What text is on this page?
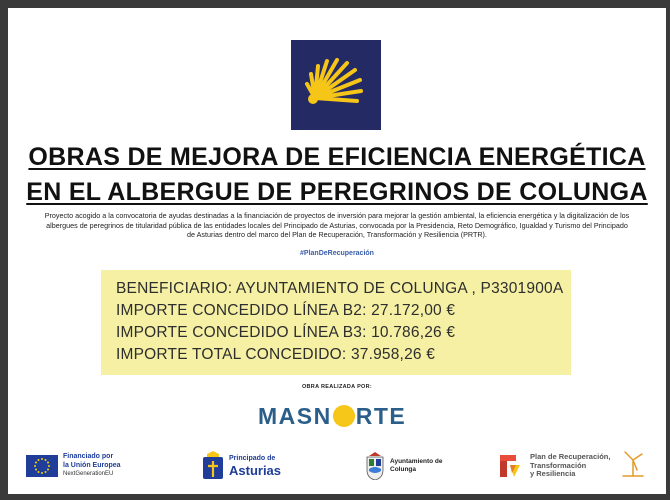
OBRAS DE MEJORA DE EFICIENCIA ENERGÉTICA
EN EL ALBERGUE DE PEREGRINOS DE COLUNGA
Proyecto acogido a la convocatoria de ayudas destinadas a la financiación de proyectos de inversión para mejorar la gestión ambiental, la eficiencia energética y la digitalización de los
albergues de peregrinos de titularidad pública de las entidades locales del Principado de Asturias, convocada por la Presidencia, Reto Demográfico, Igualdad y Turismo del Principado
de Asturias dentro del marco del Plan de Recuperación, Transformación y Resiliencia (PRTR).
#PlanDeRecuperación
BENEFICIARIO: AYUNTAMIENTO DE COLUNGA , P3301900A
IMPORTE CONCEDIDO LÍNEA B2: 27.172,00 €
IMPORTE CONCEDIDO LÍNEA B3: 10.786,26 €
IMPORTE TOTAL CONCEDIDO: 37.958,26 €
OBRA REALIZADA POR:
MASN RTE
Financiado por
la Unión Europea
NextGenerationEU
Principado de
Asturias
Ayuntamiento de
Colunga
Plan de Recuperación,
Transformación
y Resiliencia
